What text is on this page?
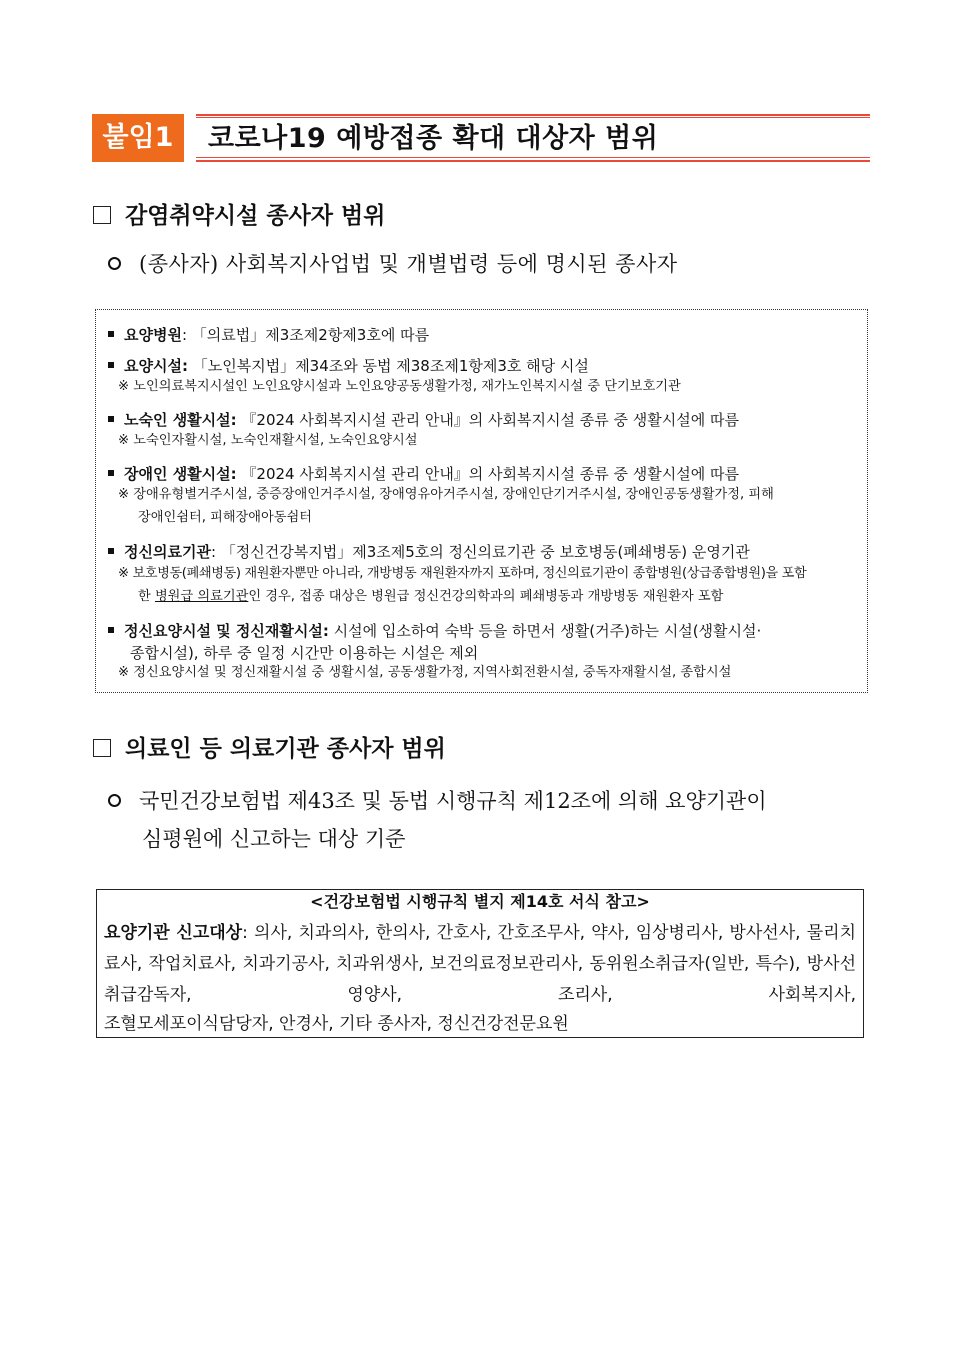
붙임1	코로나19 예방접종 확대 대상자 범위
감염취약시설 종사자 범위
(종사자) 사회복지사업법 및 개별법령 등에 명시된 종사자
요양병원: 「의료법」제3조제2항제3호에 따름
요양시설: 「노인복지법」제34조와 동법 제38조제1항제3호 해당 시설
※ 노인의료복지시설인 노인요양시설과 노인요양공동생활가정, 재가노인복지시설 중 단기보호기관
노숙인 생활시설: 『2024 사회복지시설 관리 안내』의 사회복지시설 종류 중 생활시설에 따름
※ 노숙인자활시설, 노숙인재활시설, 노숙인요양시설
장애인 생활시설: 『2024 사회복지시설 관리 안내』의 사회복지시설 종류 중 생활시설에 따름
※ 장애유형별거주시설, 중증장애인거주시설, 장애영유아거주시설, 장애인단기거주시설, 장애인공동생활가정, 피해
장애인쉼터, 피해장애아동쉼터
정신의료기관: 「정신건강복지법」제3조제5호의 정신의료기관 중 보호병동(폐쇄병동) 운영기관
※ 보호병동(폐쇄병동) 재원환자뿐만 아니라, 개방병동 재원환자까지 포하며, 정신의료기관이 종합병원(상급종합병원)을 포함
한 병원급 의료기관인 경우, 접종 대상은 병원급 정신건강의학과의 폐쇄병동과 개방병동 재원환자 포함
정신요양시설 및 정신재활시설: 시설에 입소하여 숙박 등을 하면서 생활(거주)하는 시설(생활시설·
종합시설), 하루 중 일정 시간만 이용하는 시설은 제외
※ 정신요양시설 및 정신재활시설 중 생활시설, 공동생활가정, 지역사회전환시설, 중독자재활시설, 종합시설
의료인 등 의료기관 종사자 범위
국민건강보험법 제43조 및 동법 시행규칙 제12조에 의해 요양기관이
심평원에 신고하는 대상 기준
<건강보험법 시행규칙 별지 제14호 서식 참고>
요양기관 신고대상: 의사, 치과의사, 한의사, 간호사, 간호조무사, 약사, 임상병리사, 방사선사, 물리치료사, 작업치료사, 치과기공사, 치과위생사, 보건의료정보관리사, 동위원소취급자(일반, 특수), 방사선취급감독자, 영양사, 조리사, 사회복지사,
조혈모세포이식담당자, 안경사, 기타 종사자, 정신건강전문요원
